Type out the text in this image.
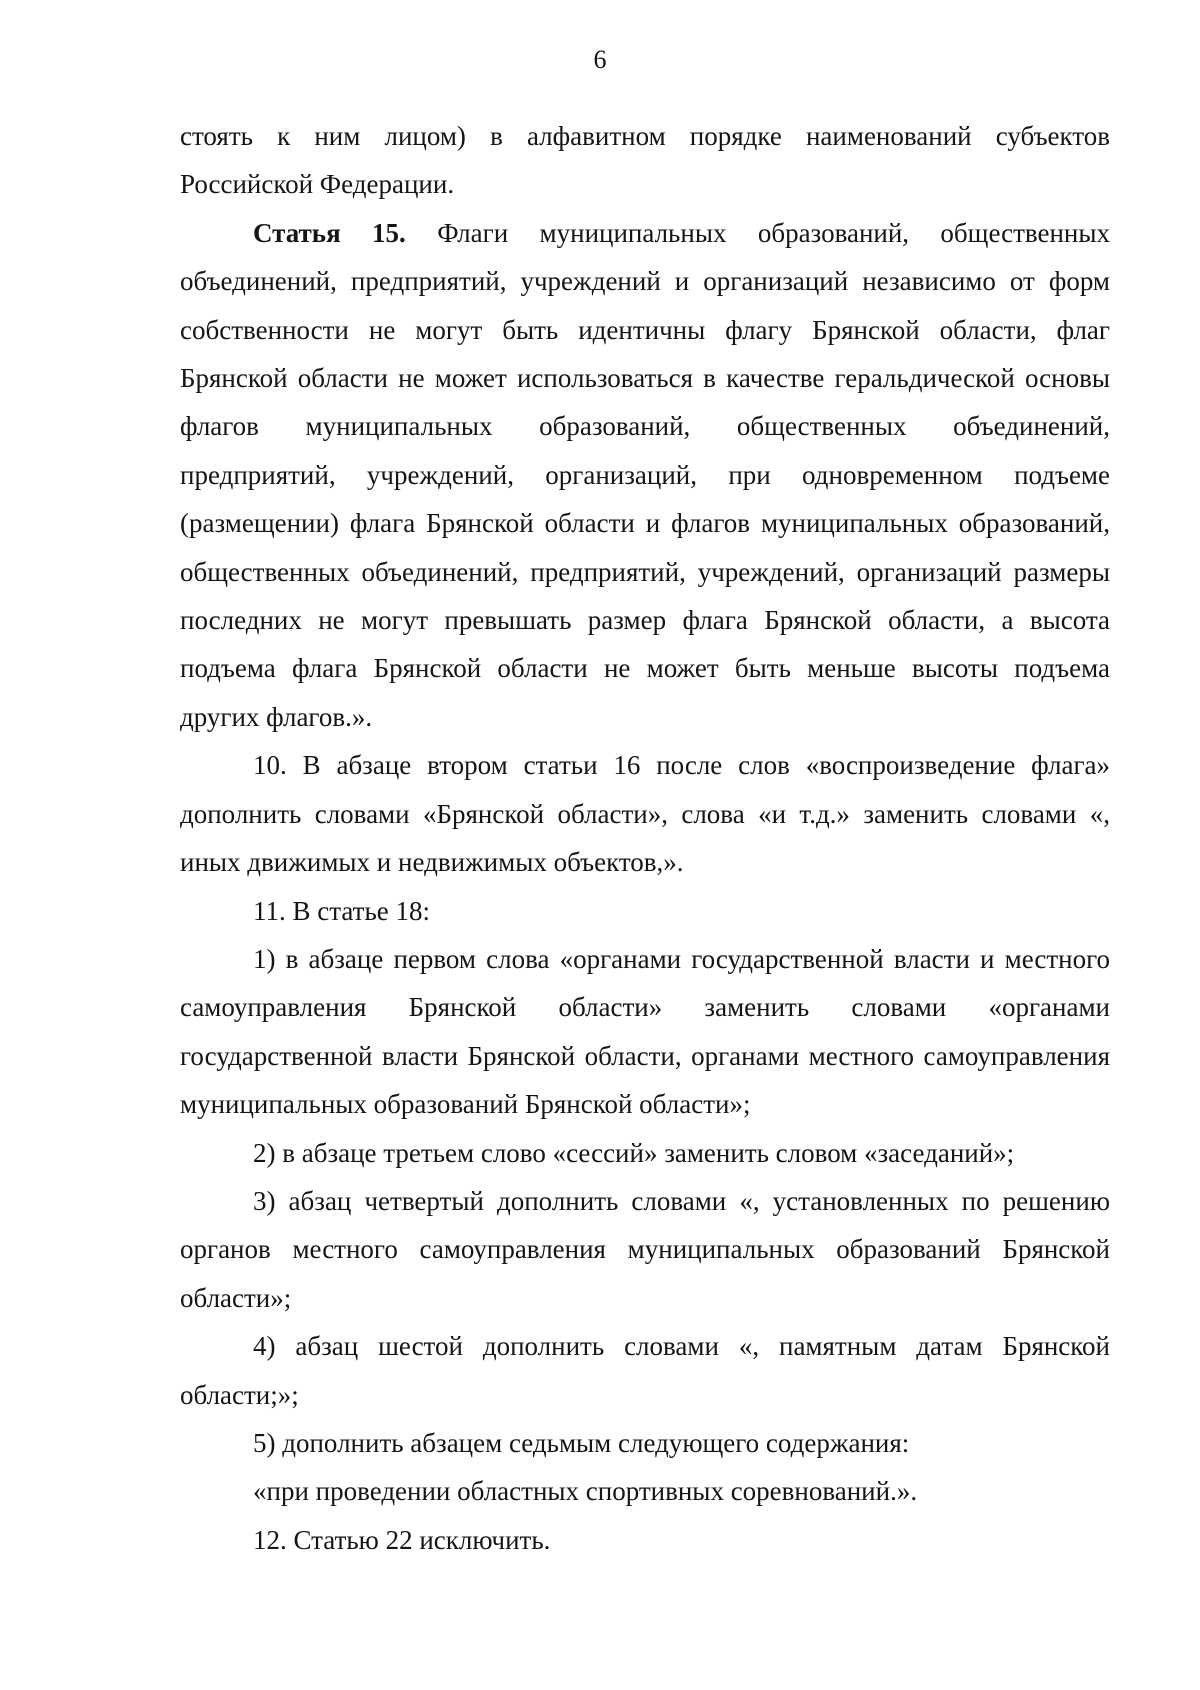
6

стоять к ним лицом) в алфавитном порядке наименований субъектов Российской Федерации.

Статья 15. Флаги муниципальных образований, общественных объединений, предприятий, учреждений и организаций независимо от форм собственности не могут быть идентичны флагу Брянской области, флаг Брянской области не может использоваться в качестве геральдической основы флагов муниципальных образований, общественных объединений, предприятий, учреждений, организаций, при одновременном подъеме (размещении) флага Брянской области и флагов муниципальных образований, общественных объединений, предприятий, учреждений, организаций размеры последних не могут превышать размер флага Брянской области, а высота подъема флага Брянской области не может быть меньше высоты подъема других флагов.».

10. В абзаце втором статьи 16 после слов «воспроизведение флага» дополнить словами «Брянской области», слова «и т.д.» заменить словами «, иных движимых и недвижимых объектов,».

11. В статье 18:

1) в абзаце первом слова «органами государственной власти и местного самоуправления Брянской области» заменить словами «органами государственной власти Брянской области, органами местного самоуправления муниципальных образований Брянской области»;

2) в абзаце третьем слово «сессий» заменить словом «заседаний»;

3) абзац четвертый дополнить словами «, установленных по решению органов местного самоуправления муниципальных образований Брянской области»;

4) абзац шестой дополнить словами «, памятным датам Брянской области;»;

5) дополнить абзацем седьмым следующего содержания:

«при проведении областных спортивных соревнований.».

12. Статью 22 исключить.
